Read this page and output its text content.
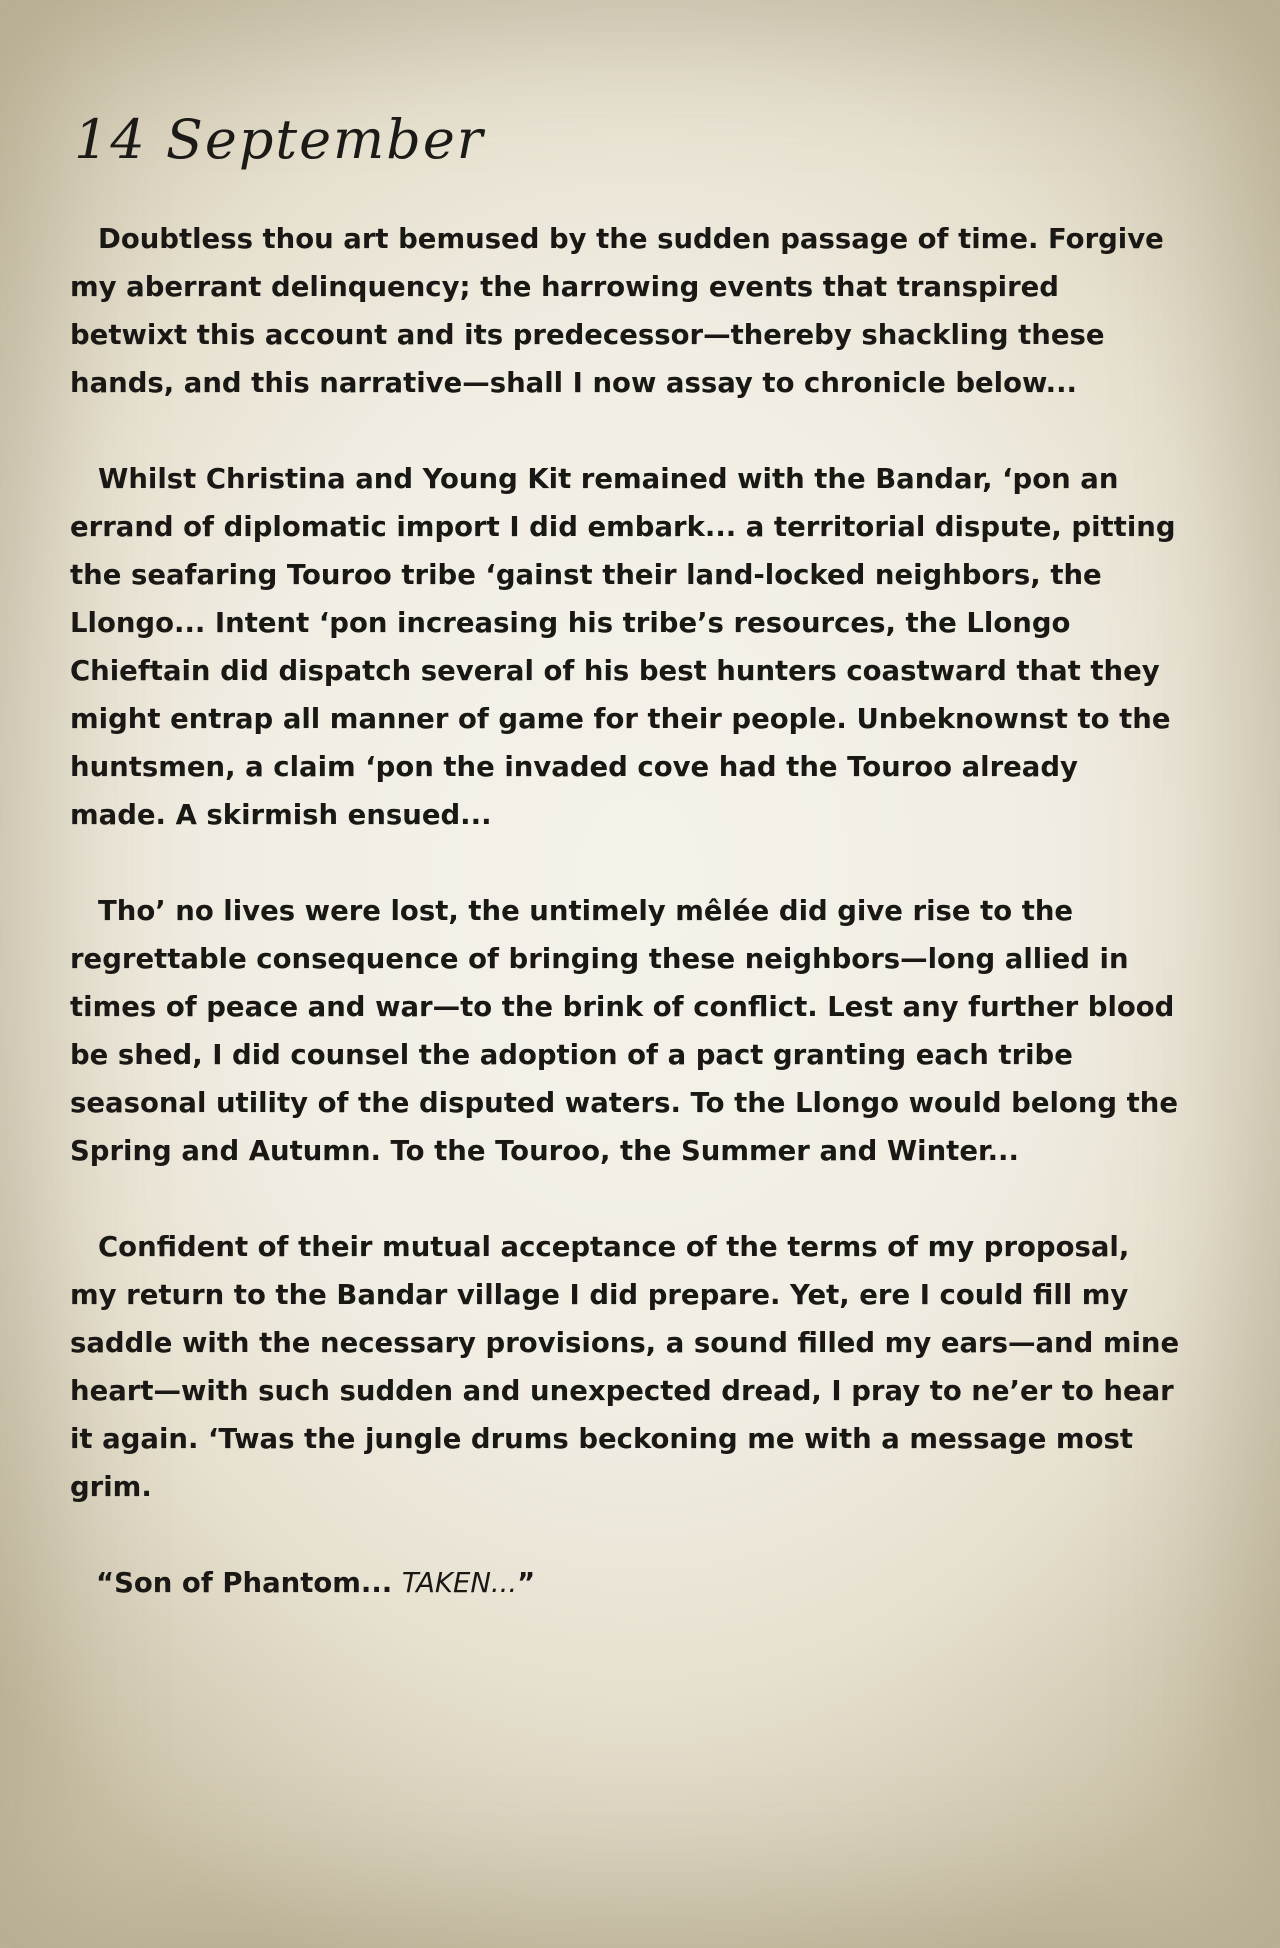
14 September

Doubtless thou art bemused by the sudden passage of time. Forgive my aberrant delinquency; the harrowing events that transpired betwixt this account and its predecessor—thereby shackling these hands, and this narrative—shall I now assay to chronicle below...

Whilst Christina and Young Kit remained with the Bandar, ‘pon an errand of diplomatic import I did embark... a territorial dispute, pitting the seafaring Touroo tribe ‘gainst their land-locked neighbors, the Llongo... Intent ‘pon increasing his tribe’s resources, the Llongo Chieftain did dispatch several of his best hunters coastward that they might entrap all manner of game for their people. Unbeknownst to the huntsmen, a claim ‘pon the invaded cove had the Touroo already made. A skirmish ensued...

Tho’ no lives were lost, the untimely mêlée did give rise to the regrettable consequence of bringing these neighbors—long allied in times of peace and war—to the brink of conflict. Lest any further blood be shed, I did counsel the adoption of a pact granting each tribe seasonal utility of the disputed waters. To the Llongo would belong the Spring and Autumn. To the Touroo, the Summer and Winter...

Confident of their mutual acceptance of the terms of my proposal, my return to the Bandar village I did prepare. Yet, ere I could fill my saddle with the necessary provisions, a sound filled my ears—and mine heart—with such sudden and unexpected dread, I pray to ne’er to hear it again. ‘Twas the jungle drums beckoning me with a message most grim.

“Son of Phantom... TAKEN...”
